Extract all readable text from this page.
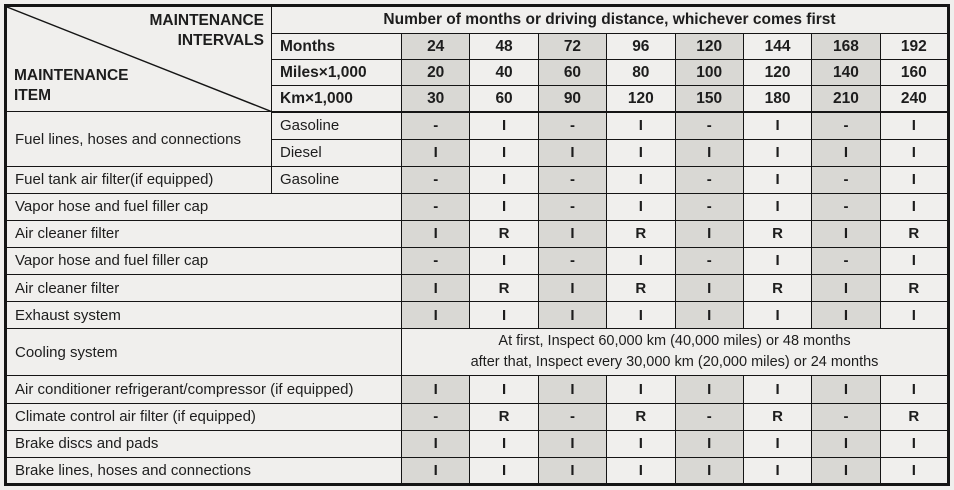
MAINTENANCE
INTERVALS
MAINTENANCE
ITEM	Number of months or driving distance, whichever comes first								
	Months	24	48	72	96	120	144	168	192
	Miles×1,000	20	40	60	80	100	120	140	160
	Km×1,000	30	60	90	120	150	180	210	240
Fuel lines, hoses and connections	Gasoline	-	I	-	I	-	I	-	I
	Diesel	I	I	I	I	I	I	I	I
Fuel tank air filter(if equipped)	Gasoline	-	I	-	I	-	I	-	I
Vapor hose and fuel filler cap		-	I	-	I	-	I	-	I
Air cleaner filter		I	R	I	R	I	R	I	R
Vapor hose and fuel filler cap		-	I	-	I	-	I	-	I
Air cleaner filter		I	R	I	R	I	R	I	R
Exhaust system		I	I	I	I	I	I	I	I
Cooling system		At first, Inspect 60,000 km (40,000 miles) or 48 months
after that, Inspect every 30,000 km (20,000 miles) or 24 months							

Air conditioner refrigerant/compressor (if equipped)		I	I	I	I	I	I	I	I
Climate control air filter (if equipped)		-	R	-	R	-	R	-	R
Brake discs and pads		I	I	I	I	I	I	I	I
Brake lines, hoses and connections		I	I	I	I	I	I	I	I
